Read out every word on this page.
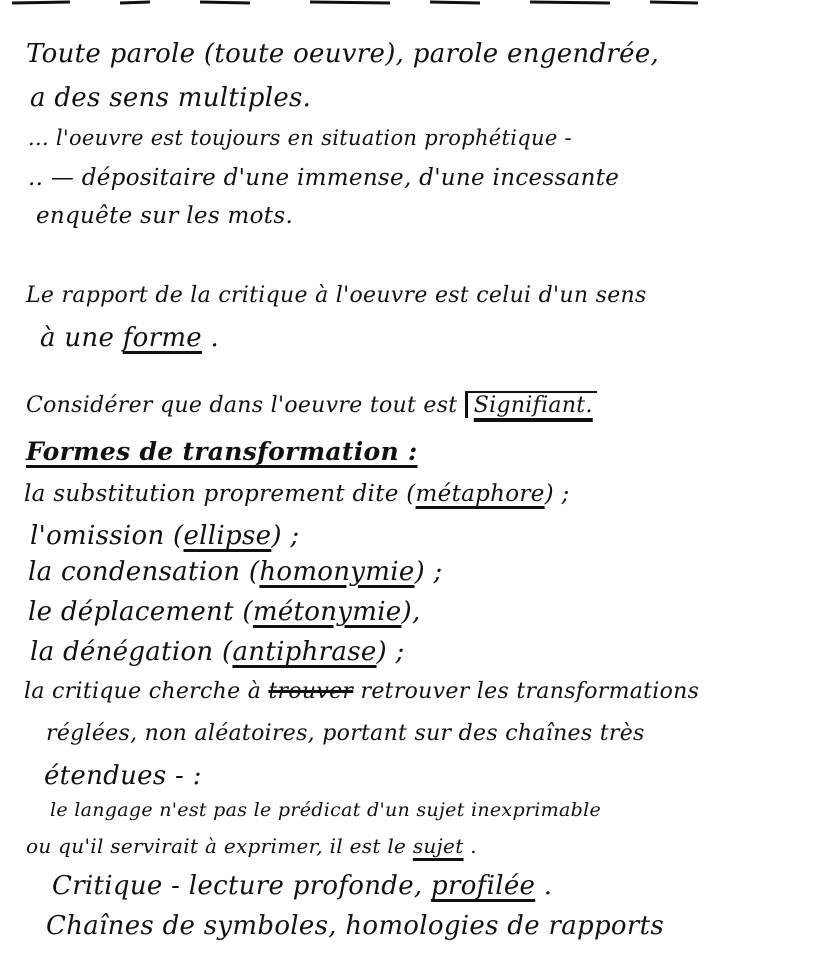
Toute parole (toute oeuvre), parole engendrée,

a des sens multiples.

... l'oeuvre est toujours en situation prophétique -

.. — dépositaire d'une immense, d'une incessante

enquête sur les mots.

Le rapport de la critique à l'oeuvre est celui d'un sens

à une forme .

Considérer que dans l'oeuvre tout est Signifiant.

Formes de transformation :

la substitution proprement dite (métaphore) ;

l'omission (ellipse) ;

la condensation (homonymie) ;

le déplacement (métonymie),

la dénégation (antiphrase) ;

la critique cherche à trouver retrouver les transformations

réglées, non aléatoires, portant sur des chaînes très

étendues - :

le langage n'est pas le prédicat d'un sujet inexprimable

ou qu'il servirait à exprimer, il est le sujet .

Critique - lecture profonde, profilée .

Chaînes de symboles, homologies de rapports
